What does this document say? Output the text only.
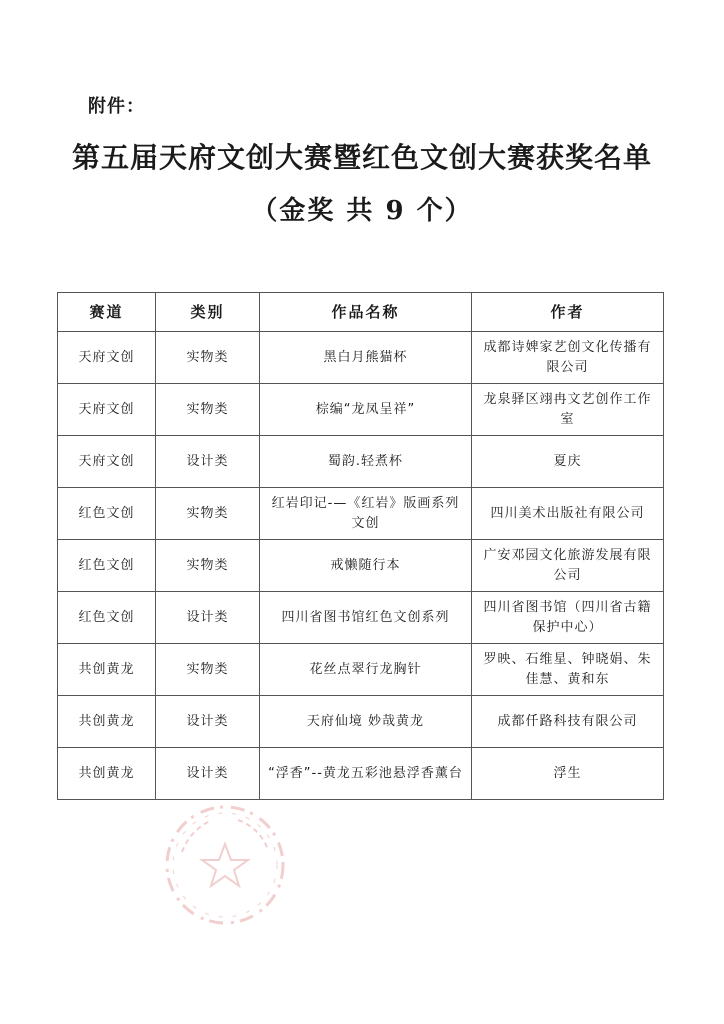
附件：
第五届天府文创大赛暨红色文创大赛获奖名单
（金奖 共 9 个）
赛道	类别	作品名称	作者
天府文创	实物类	黑白月熊猫杯	成都诗婢家艺创文化传播有限公司
天府文创	实物类	棕编“龙凤呈祥”	龙泉驿区翊冉文艺创作工作室
天府文创	设计类	蜀韵.轻煮杯	夏庆
红色文创	实物类	红岩印记-—《红岩》版画系列文创	四川美术出版社有限公司
红色文创	实物类	戒懒随行本	广安邓园文化旅游发展有限公司
红色文创	设计类	四川省图书馆红色文创系列	四川省图书馆（四川省古籍保护中心）
共创黄龙	实物类	花丝点翠行龙胸针	罗映、石维星、钟晓娟、朱佳慧、黄和东
共创黄龙	设计类	天府仙境 妙哉黄龙	成都仟路科技有限公司
共创黄龙	设计类	“浮香”--黄龙五彩池悬浮香薰台	浮生
